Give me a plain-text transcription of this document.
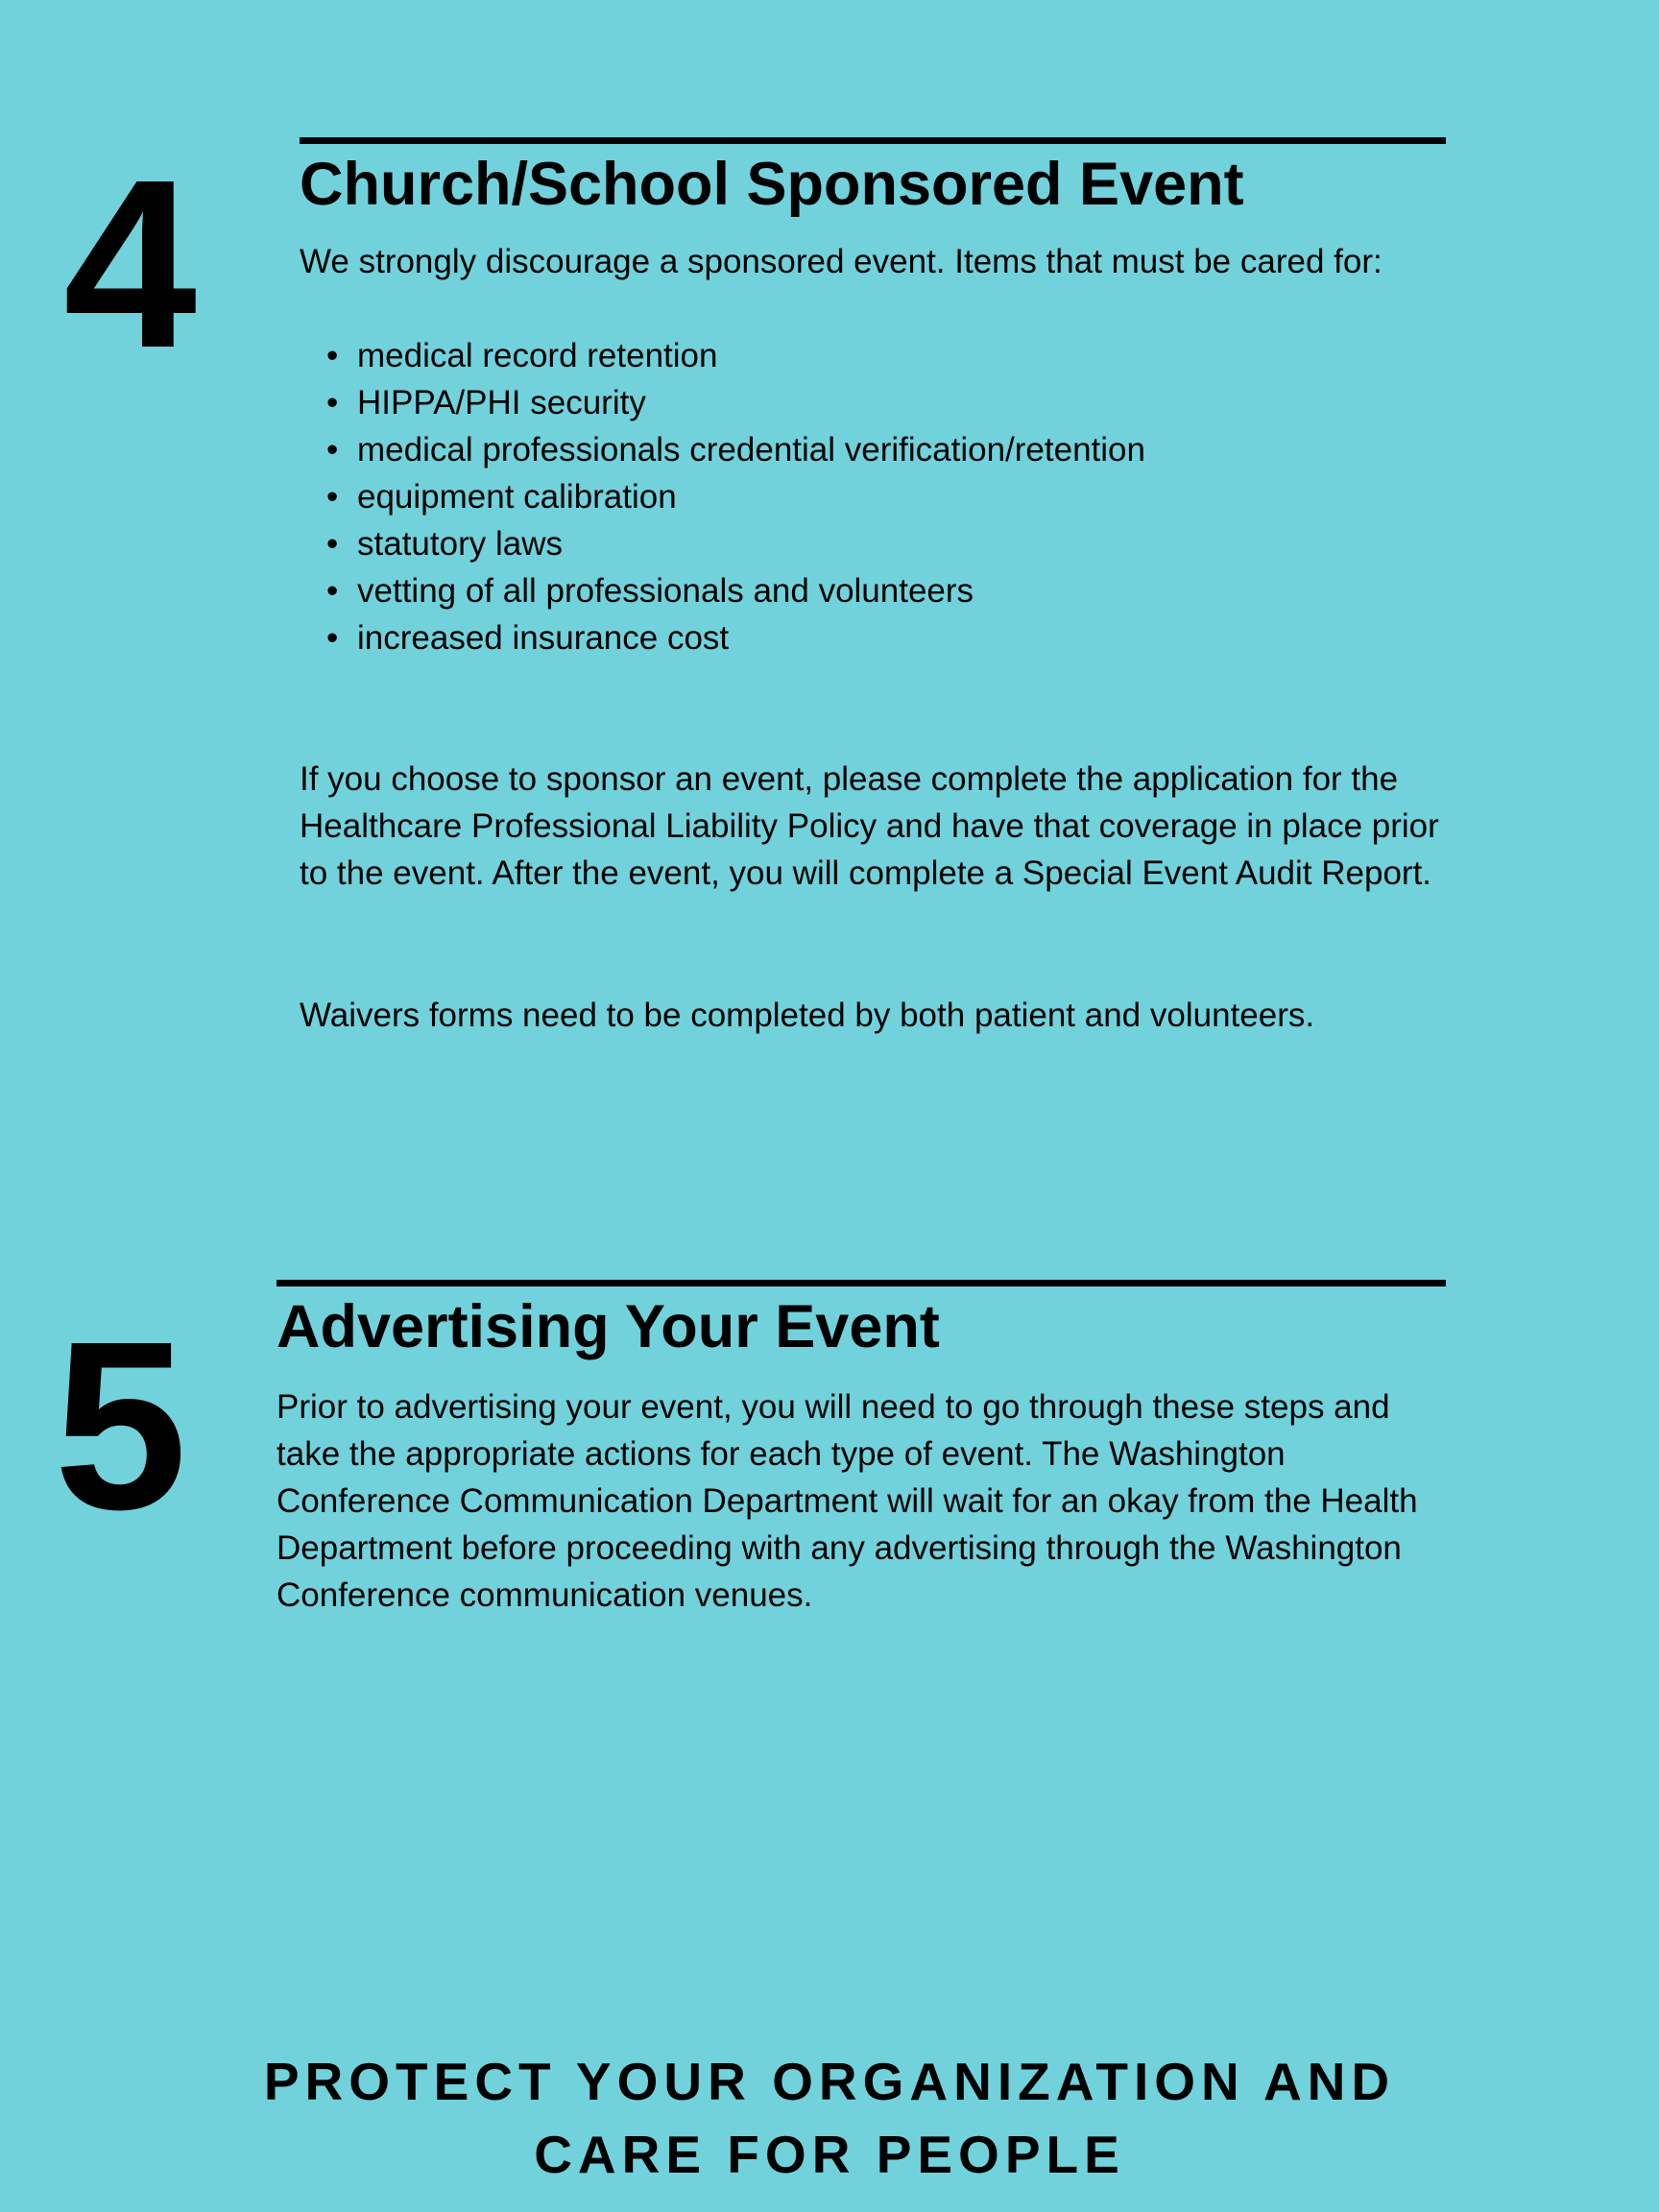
4 Church/School Sponsored Event
We strongly discourage a sponsored event. Items that must be cared for:
• medical record retention
• HIPPA/PHI security
• medical professionals credential verification/retention
• equipment calibration
• statutory laws
• vetting of all professionals and volunteers
• increased insurance cost
If you choose to sponsor an event, please complete the application for the Healthcare Professional Liability Policy and have that coverage in place prior to the event. After the event, you will complete a Special Event Audit Report.
Waivers forms need to be completed by both patient and volunteers.
5 Advertising Your Event
Prior to advertising your event, you will need to go through these steps and take the appropriate actions for each type of event. The Washington Conference Communication Department will wait for an okay from the Health Department before proceeding with any advertising through the Washington Conference communication venues.
PROTECT YOUR ORGANIZATION AND
CARE FOR PEOPLE
